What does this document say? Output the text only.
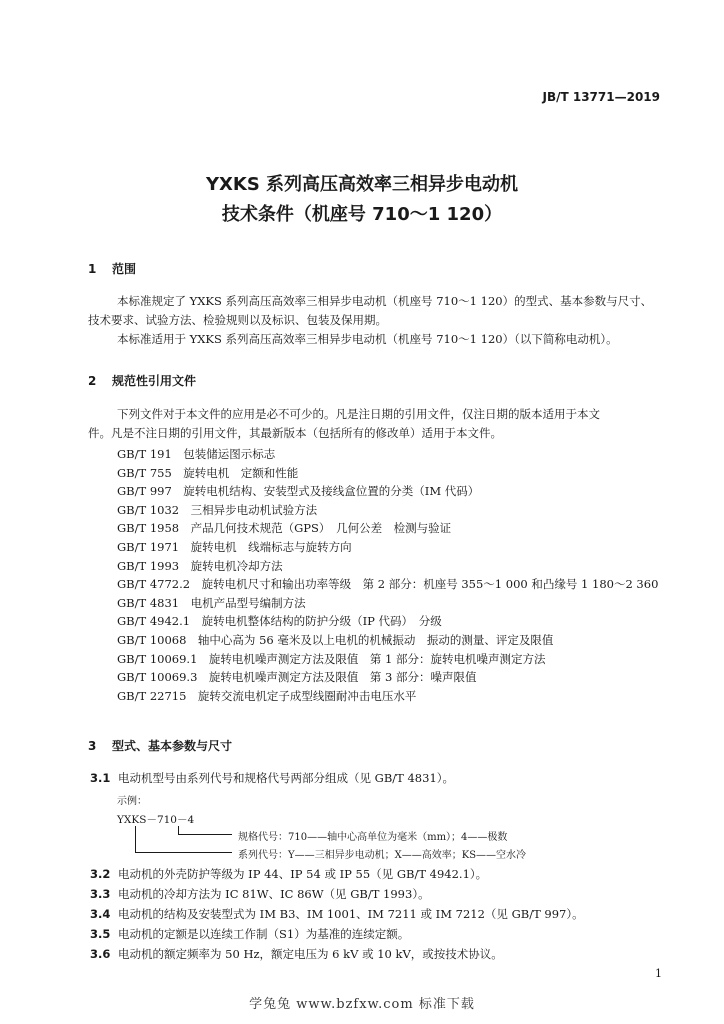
JB/T 13771—2019
YXKS 系列高压高效率三相异步电动机
技术条件（机座号 710～1 120）
1 范围
本标准规定了 YXKS 系列高压高效率三相异步电动机（机座号 710～1 120）的型式、基本参数与尺寸、
技术要求、试验方法、检验规则以及标识、包装及保用期。
本标准适用于 YXKS 系列高压高效率三相异步电动机（机座号 710～1 120）（以下简称电动机）。
2 规范性引用文件
下列文件对于本文件的应用是必不可少的。凡是注日期的引用文件，仅注日期的版本适用于本文
件。凡是不注日期的引用文件，其最新版本（包括所有的修改单）适用于本文件。
GB/T 191　包装储运图示标志
GB/T 755　旋转电机　定额和性能
GB/T 997　旋转电机结构、安装型式及接线盒位置的分类（IM 代码）
GB/T 1032　三相异步电动机试验方法
GB/T 1958　产品几何技术规范（GPS）　几何公差　检测与验证
GB/T 1971　旋转电机　线端标志与旋转方向
GB/T 1993　旋转电机冷却方法
GB/T 4772.2　旋转电机尺寸和输出功率等级　第 2 部分：机座号 355～1 000 和凸缘号 1 180～2 360
GB/T 4831　电机产品型号编制方法
GB/T 4942.1　旋转电机整体结构的防护分级（IP 代码）　分级
GB/T 10068　轴中心高为 56 毫米及以上电机的机械振动　振动的测量、评定及限值
GB/T 10069.1　旋转电机噪声测定方法及限值　第 1 部分：旋转电机噪声测定方法
GB/T 10069.3　旋转电机噪声测定方法及限值　第 3 部分：噪声限值
GB/T 22715　旋转交流电机定子成型线圈耐冲击电压水平
3 型式、基本参数与尺寸
3.1 电动机型号由系列代号和规格代号两部分组成（见 GB/T 4831）。
示例：
YXKS－710－4
规格代号：710——轴中心高单位为毫米（mm）；4——极数
系列代号：Y——三相异步电动机；X——高效率；KS——空水冷
3.2 电动机的外壳防护等级为 IP 44、IP 54 或 IP 55（见 GB/T 4942.1）。
3.3 电动机的冷却方法为 IC 81W、IC 86W（见 GB/T 1993）。
3.4 电动机的结构及安装型式为 IM B3、IM 1001、IM 7211 或 IM 7212（见 GB/T 997）。
3.5 电动机的定额是以连续工作制（S1）为基准的连续定额。
3.6 电动机的额定频率为 50 Hz，额定电压为 6 kV 或 10 kV，或按技术协议。
1
学兔兔 www.bzfxw.com 标准下载
